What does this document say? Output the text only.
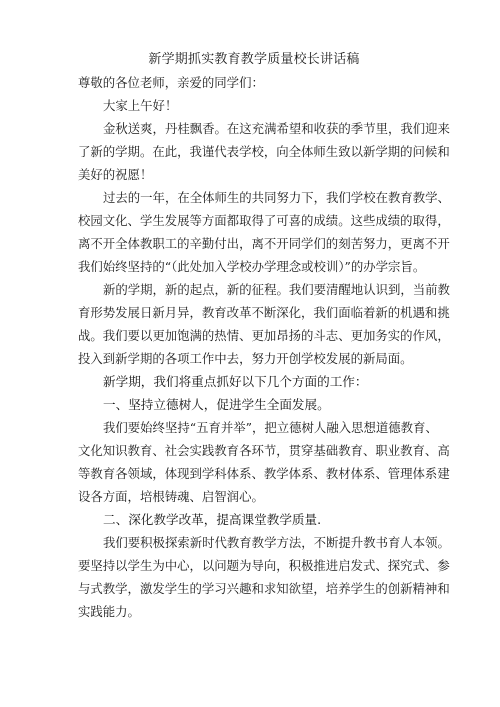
新学期抓实教育教学质量校长讲话稿

尊敬的各位老师，亲爱的同学们：

大家上午好！

金秋送爽，丹桂飘香。在这充满希望和收获的季节里，我们迎来

了新的学期。在此，我谨代表学校，向全体师生致以新学期的问候和

美好的祝愿！

过去的一年，在全体师生的共同努力下，我们学校在教育教学、

校园文化、学生发展等方面都取得了可喜的成绩。这些成绩的取得，

离不开全体教职工的辛勤付出，离不开同学们的刻苦努力，更离不开

我们始终坚持的“（此处加入学校办学理念或校训）”的办学宗旨。

新的学期，新的起点，新的征程。我们要清醒地认识到，当前教

育形势发展日新月异，教育改革不断深化，我们面临着新的机遇和挑

战。我们要以更加饱满的热情、更加昂扬的斗志、更加务实的作风，

投入到新学期的各项工作中去，努力开创学校发展的新局面。

新学期，我们将重点抓好以下几个方面的工作：

一、坚持立德树人，促进学生全面发展。

我们要始终坚持“五育并举”，把立德树人融入思想道德教育、

文化知识教育、社会实践教育各环节，贯穿基础教育、职业教育、高

等教育各领域，体现到学科体系、教学体系、教材体系、管理体系建

设各方面，培根铸魂、启智润心。

二、深化教学改革，提高课堂教学质量.

我们要积极探索新时代教育教学方法，不断提升教书育人本领。

要坚持以学生为中心，以问题为导向，积极推进启发式、探究式、参

与式教学，激发学生的学习兴趣和求知欲望，培养学生的创新精神和

实践能力。
